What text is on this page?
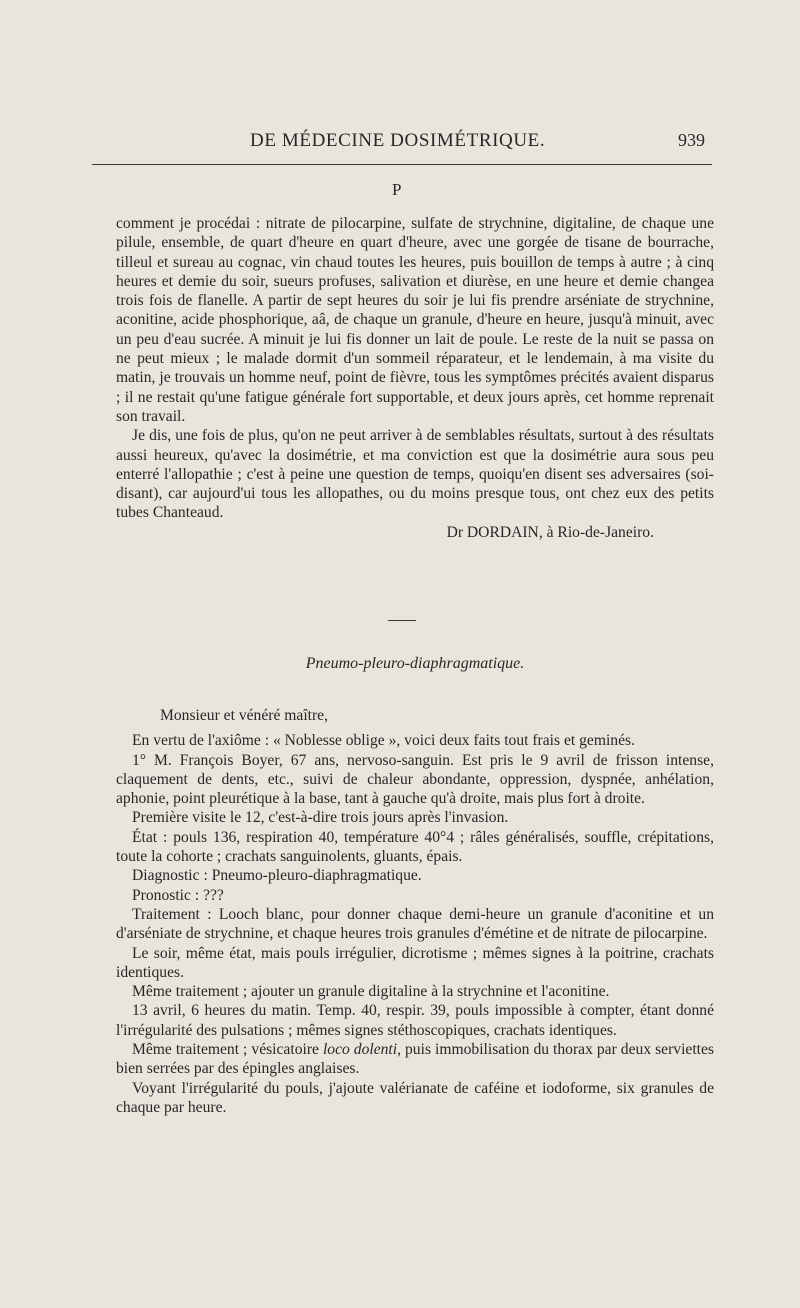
DE MÉDECINE DOSIMÉTRIQUE.	939
P

comment je procédai : nitrate de pilocarpine, sulfate de strychnine, digitaline, de chaque une pilule, ensemble, de quart d'heure en quart d'heure, avec une gorgée de tisane de bourrache, tilleul et sureau au cognac, vin chaud toutes les heures, puis bouillon de temps à autre ; à cinq heures et demie du soir, sueurs profuses, salivation et diurèse, en une heure et demie changea trois fois de flanelle. A partir de sept heures du soir je lui fis prendre arséniate de strychnine, aconitine, acide phosphorique, aâ, de chaque un granule, d'heure en heure, jusqu'à minuit, avec un peu d'eau sucrée. A minuit je lui fis donner un lait de poule. Le reste de la nuit se passa on ne peut mieux ; le malade dormit d'un sommeil réparateur, et le lendemain, à ma visite du matin, je trouvais un homme neuf, point de fièvre, tous les symptômes précités avaient disparus ; il ne restait qu'une fatigue générale fort supportable, et deux jours après, cet homme reprenait son travail.

Je dis, une fois de plus, qu'on ne peut arriver à de semblables résultats, surtout à des résultats aussi heureux, qu'avec la dosimétrie, et ma conviction est que la dosimétrie aura sous peu enterré l'allopathie ; c'est à peine une question de temps, quoiqu'en disent ses adversaires (soi-disant), car aujourd'ui tous les allopathes, ou du moins presque tous, ont chez eux des petits tubes Chanteaud.

Dr DORDAIN, à Rio-de-Janeiro.

Pneumo-pleuro-diaphragmatique.

Monsieur et vénéré maître,

En vertu de l'axiôme : « Noblesse oblige », voici deux faits tout frais et geminés.

1° M. François Boyer, 67 ans, nervoso-sanguin. Est pris le 9 avril de frisson intense, claquement de dents, etc., suivi de chaleur abondante, oppression, dyspnée, anhélation, aphonie, point pleurétique à la base, tant à gauche qu'à droite, mais plus fort à droite.

Première visite le 12, c'est-à-dire trois jours après l'invasion.

État : pouls 136, respiration 40, température 40°4 ; râles généralisés, souffle, crépitations, toute la cohorte ; crachats sanguinolents, gluants, épais.

Diagnostic : Pneumo-pleuro-diaphragmatique.

Pronostic : ???

Traitement : Looch blanc, pour donner chaque demi-heure un granule d'aconitine et un d'arséniate de strychnine, et chaque heures trois granules d'émétine et de nitrate de pilocarpine.

Le soir, même état, mais pouls irrégulier, dicrotisme ; mêmes signes à la poitrine, crachats identiques.

Même traitement ; ajouter un granule digitaline à la strychnine et l'aconitine.

13 avril, 6 heures du matin. Temp. 40, respir. 39, pouls impossible à compter, étant donné l'irrégularité des pulsations ; mêmes signes stéthoscopiques, crachats identiques.

Même traitement ; vésicatoire loco dolenti, puis immobilisation du thorax par deux serviettes bien serrées par des épingles anglaises.

Voyant l'irrégularité du pouls, j'ajoute valérianate de caféine et iodoforme, six granules de chaque par heure.
